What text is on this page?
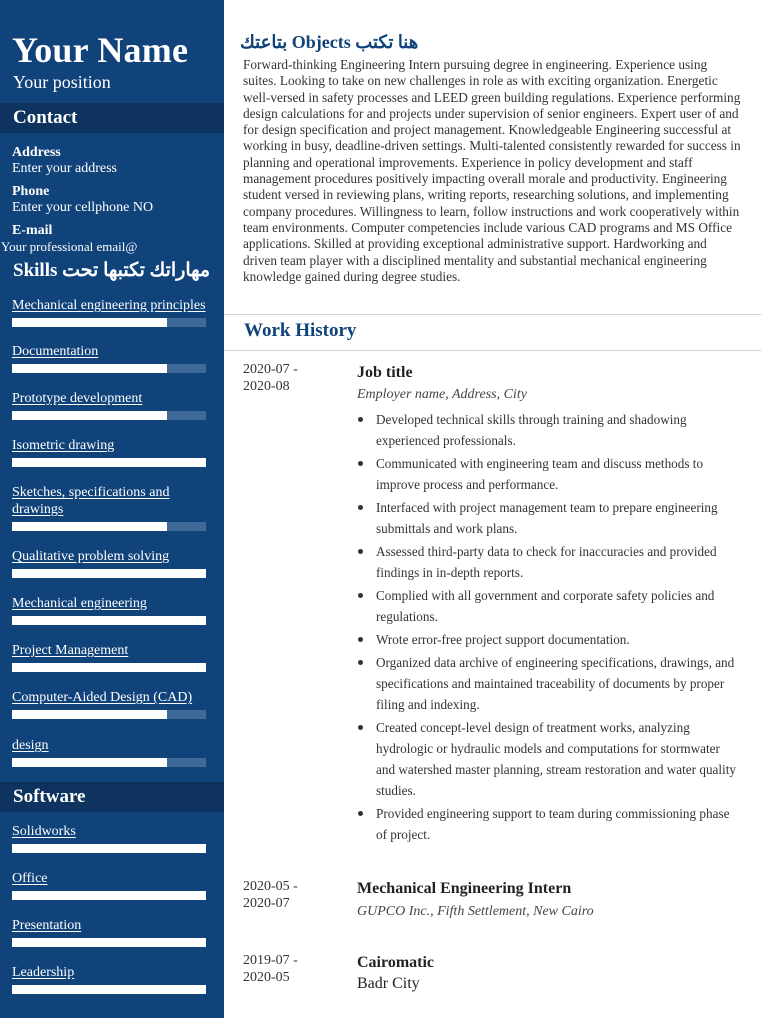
Your Name
Your position
Contact
Address
Enter your address
Phone
Enter your cellphone NO
E-mail
Your professional email@
Skills مهاراتك تكتبها تحت
Mechanical engineering principles
Documentation
Prototype development
Isometric drawing
Sketches, specifications and drawings
Qualitative problem solving
Mechanical engineering
Project Management
Computer-Aided Design (CAD)
design
Software
Solidworks
Office
Presentation
Leadership
بتاعتك Objects هنا تكتب
Forward-thinking Engineering Intern pursuing degree in engineering. Experience using suites. Looking to take on new challenges in role as with exciting organization. Energetic well-versed in safety processes and LEED green building regulations. Experience performing design calculations for and projects under supervision of senior engineers. Expert user of and for design specification and project management. Knowledgeable Engineering successful at working in busy, deadline-driven settings. Multi-talented consistently rewarded for success in planning and operational improvements. Experience in policy development and staff management procedures positively impacting overall morale and productivity. Engineering student versed in reviewing plans, writing reports, researching solutions, and implementing company procedures. Willingness to learn, follow instructions and work cooperatively within team environments. Computer competencies include various CAD programs and MS Office applications. Skilled at providing exceptional administrative support. Hardworking and driven team player with a disciplined mentality and substantial mechanical engineering knowledge gained during degree studies.
Work History
2020-07 -
2020-08
Job title
Employer name, Address, City
Developed technical skills through training and shadowing experienced professionals.
Communicated with engineering team and discuss methods to improve process and performance.
Interfaced with project management team to prepare engineering submittals and work plans.
Assessed third-party data to check for inaccuracies and provided findings in in-depth reports.
Complied with all government and corporate safety policies and regulations.
Wrote error-free project support documentation.
Organized data archive of engineering specifications, drawings, and specifications and maintained traceability of documents by proper filing and indexing.
Created concept-level design of treatment works, analyzing hydrologic or hydraulic models and computations for stormwater and watershed master planning, stream restoration and water quality studies.
Provided engineering support to team during commissioning phase of project.
2020-05 -
2020-07
Mechanical Engineering Intern
GUPCO Inc., Fifth Settlement, New Cairo
2019-07 -
2020-05
Cairomatic
Badr City
